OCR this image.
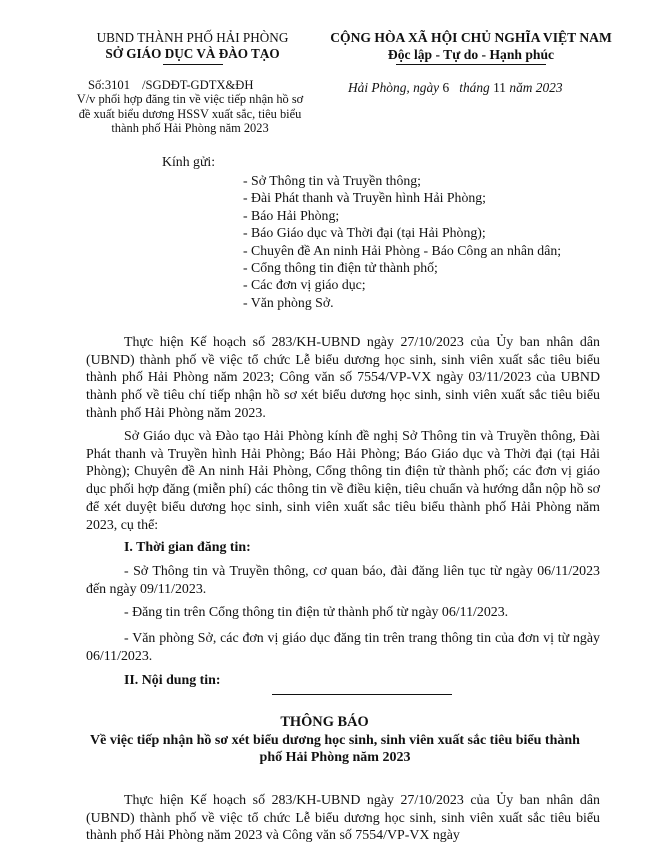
UBND THÀNH PHỐ HẢI PHÒNG
SỞ GIÁO DỤC VÀ ĐÀO TẠO
CỘNG HÒA XÃ HỘI CHỦ NGHĨA VIỆT NAM
Độc lập - Tự do - Hạnh phúc
Số:3101 /SGDĐT-GDTX&ĐH
V/v phối hợp đăng tin về việc tiếp nhận hồ sơ đề xuất biểu dương HSSV xuất sắc, tiêu biểu thành phố Hải Phòng năm 2023
Hải Phòng, ngày 6 tháng 11 năm 2023
Kính gửi:
- Sở Thông tin và Truyền thông;
- Đài Phát thanh và Truyền hình Hải Phòng;
- Báo Hải Phòng;
- Báo Giáo dục và Thời đại (tại Hải Phòng);
- Chuyên đề An ninh Hải Phòng - Báo Công an nhân dân;
- Cổng thông tin điện tử thành phố;
- Các đơn vị giáo dục;
- Văn phòng Sở.

Thực hiện Kế hoạch số 283/KH-UBND ngày 27/10/2023 của Ủy ban nhân dân (UBND) thành phố về việc tổ chức Lễ biểu dương học sinh, sinh viên xuất sắc tiêu biểu thành phố Hải Phòng năm 2023; Công văn số 7554/VP-VX ngày 03/11/2023 của UBND thành phố về tiêu chí tiếp nhận hồ sơ xét biểu dương học sinh, sinh viên xuất sắc tiêu biểu thành phố Hải Phòng năm 2023.

Sở Giáo dục và Đào tạo Hải Phòng kính đề nghị Sở Thông tin và Truyền thông, Đài Phát thanh và Truyền hình Hải Phòng; Báo Hải Phòng; Báo Giáo dục và Thời đại (tại Hải Phòng); Chuyên đề An ninh Hải Phòng, Cổng thông tin điện tử thành phố; các đơn vị giáo dục phối hợp đăng (miễn phí) các thông tin về điều kiện, tiêu chuẩn và hướng dẫn nộp hồ sơ để xét duyệt biểu dương học sinh, sinh viên xuất sắc tiêu biểu thành phố Hải Phòng năm 2023, cụ thể:

I. Thời gian đăng tin:

- Sở Thông tin và Truyền thông, cơ quan báo, đài đăng liên tục từ ngày 06/11/2023 đến ngày 09/11/2023.

- Đăng tin trên Cổng thông tin điện tử thành phố từ ngày 06/11/2023.

- Văn phòng Sở, các đơn vị giáo dục đăng tin trên trang thông tin của đơn vị từ ngày 06/11/2023.

II. Nội dung tin:
THÔNG BÁO
Về việc tiếp nhận hồ sơ xét biểu dương học sinh, sinh viên xuất sắc tiêu biểu thành phố Hải Phòng năm 2023

Thực hiện Kế hoạch số 283/KH-UBND ngày 27/10/2023 của Ủy ban nhân dân (UBND) thành phố về việc tổ chức Lễ biểu dương học sinh, sinh viên xuất sắc tiêu biểu thành phố Hải Phòng năm 2023 và Công văn số 7554/VP-VX ngày
